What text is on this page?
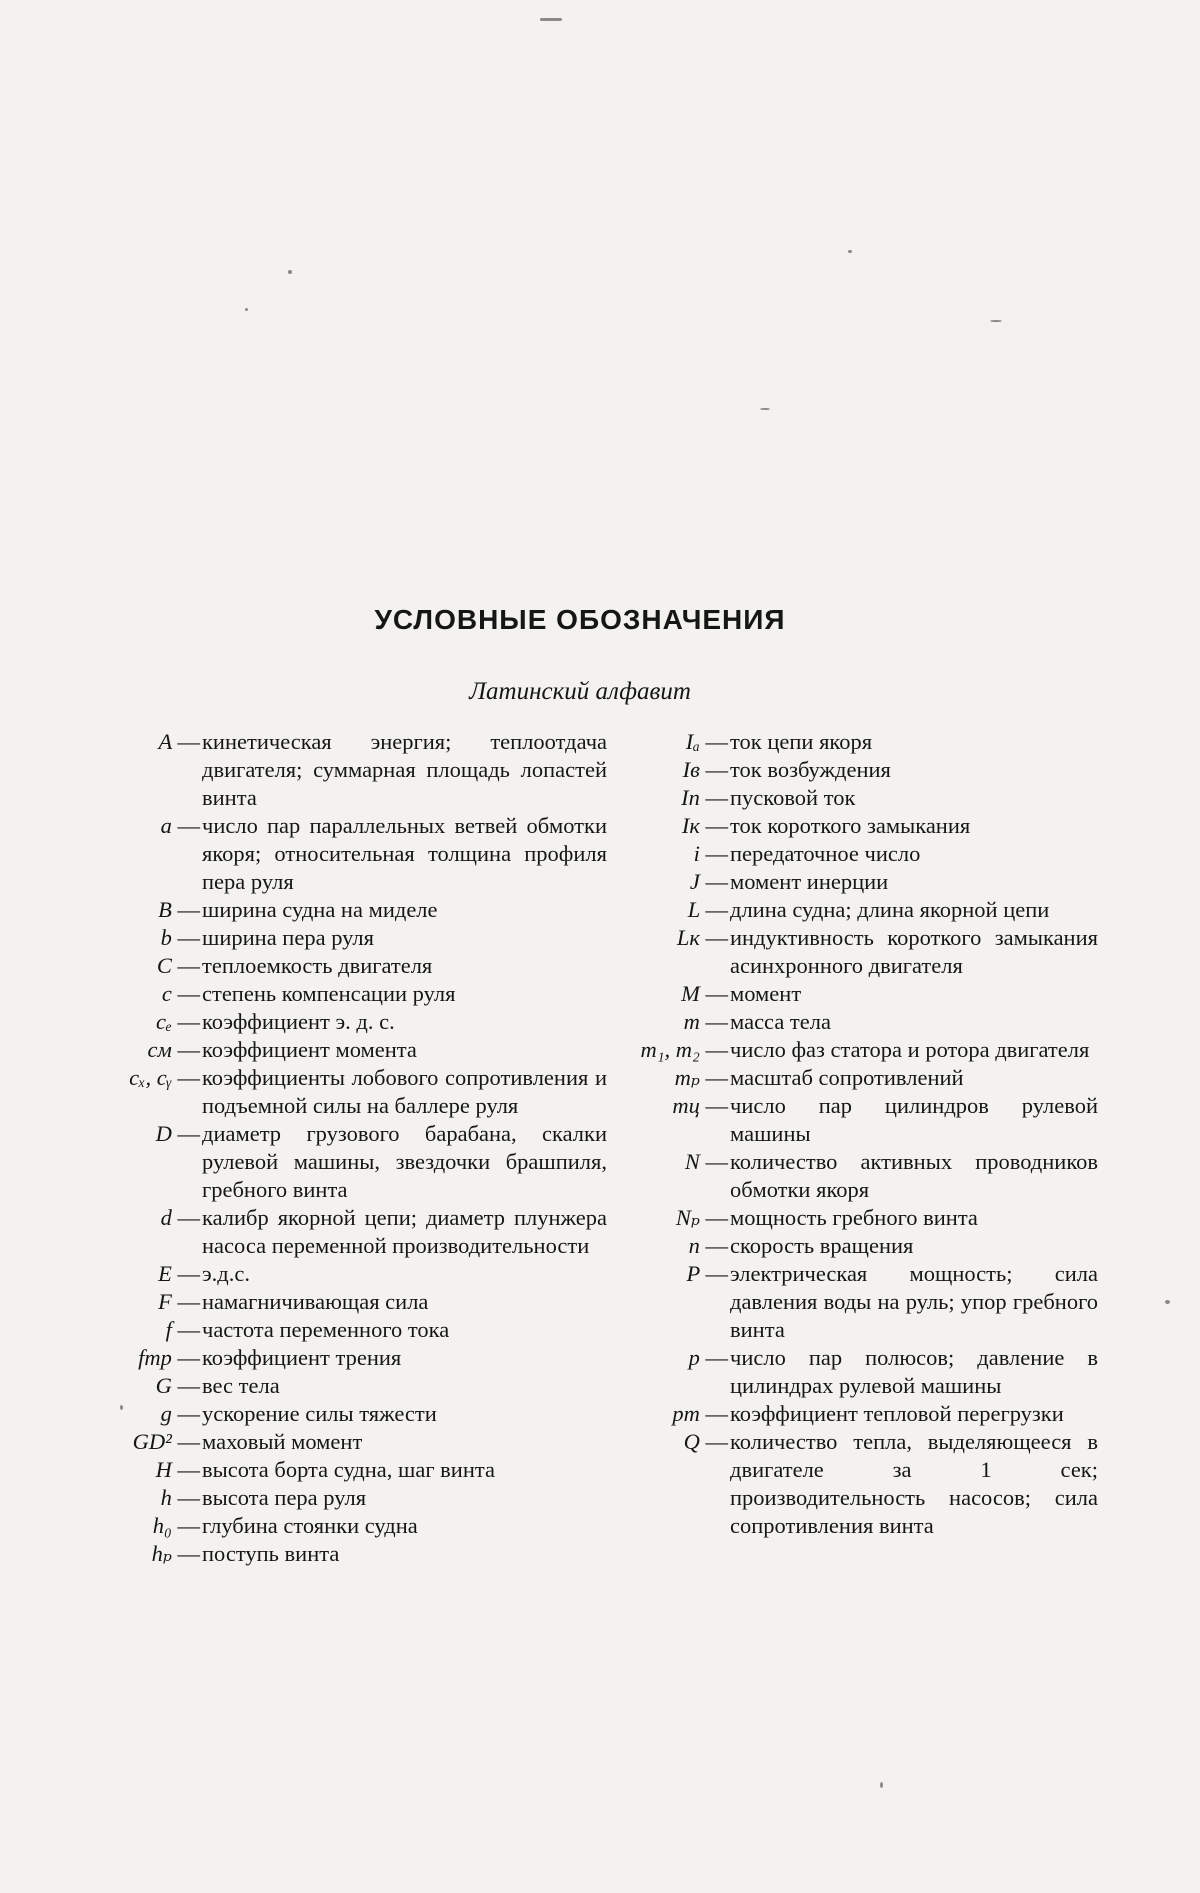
УСЛОВНЫЕ ОБОЗНАЧЕНИЯ
Латинский алфавит
A — кинетическая энергия; теплоотдача двигателя; суммарная площадь лопастей винта
a — число пар параллельных ветвей обмотки якоря; относительная толщина профиля пера руля
B — ширина судна на миделе
b — ширина пера руля
C — теплоемкость двигателя
c — степень компенсации руля
cₑ — коэффициент э. д. с.
cм — коэффициент момента
cₓ, cᵧ — коэффициенты лобового сопротивления и подъемной силы на баллере руля
D — диаметр грузового барабана, скалки рулевой машины, звездочки брашпиля, гребного винта
d — калибр якорной цепи; диаметр плунжера насоса переменной производительности
E — э.д.с.
F — намагничивающая сила
f — частота переменного тока
fтр — коэффициент трения
G — вес тела
g — ускорение силы тяжести
GD² — маховый момент
H — высота борта судна, шаг винта
h — высота пера руля
h₀ — глубина стоянки судна
hₚ — поступь винта
Iₐ — ток цепи якоря
Iв — ток возбуждения
Iп — пусковой ток
Iк — ток короткого замыкания
i — передаточное число
J — момент инерции
L — длина судна; длина якорной цепи
Lк — индуктивность короткого замыкания асинхронного двигателя
M — момент
m — масса тела
m₁, m₂ — число фаз статора и ротора двигателя
mₚ — масштаб сопротивлений
mц — число пар цилиндров рулевой машины
N — количество активных проводников обмотки якоря
Nₚ — мощность гребного винта
n — скорость вращения
P — электрическая мощность; сила давления воды на руль; упор гребного винта
p — число пар полюсов; давление в цилиндрах рулевой машины
pт — коэффициент тепловой перегрузки
Q — количество тепла, выделяющееся в двигателе за 1 сек; производительность насосов; сила сопротивления винта
